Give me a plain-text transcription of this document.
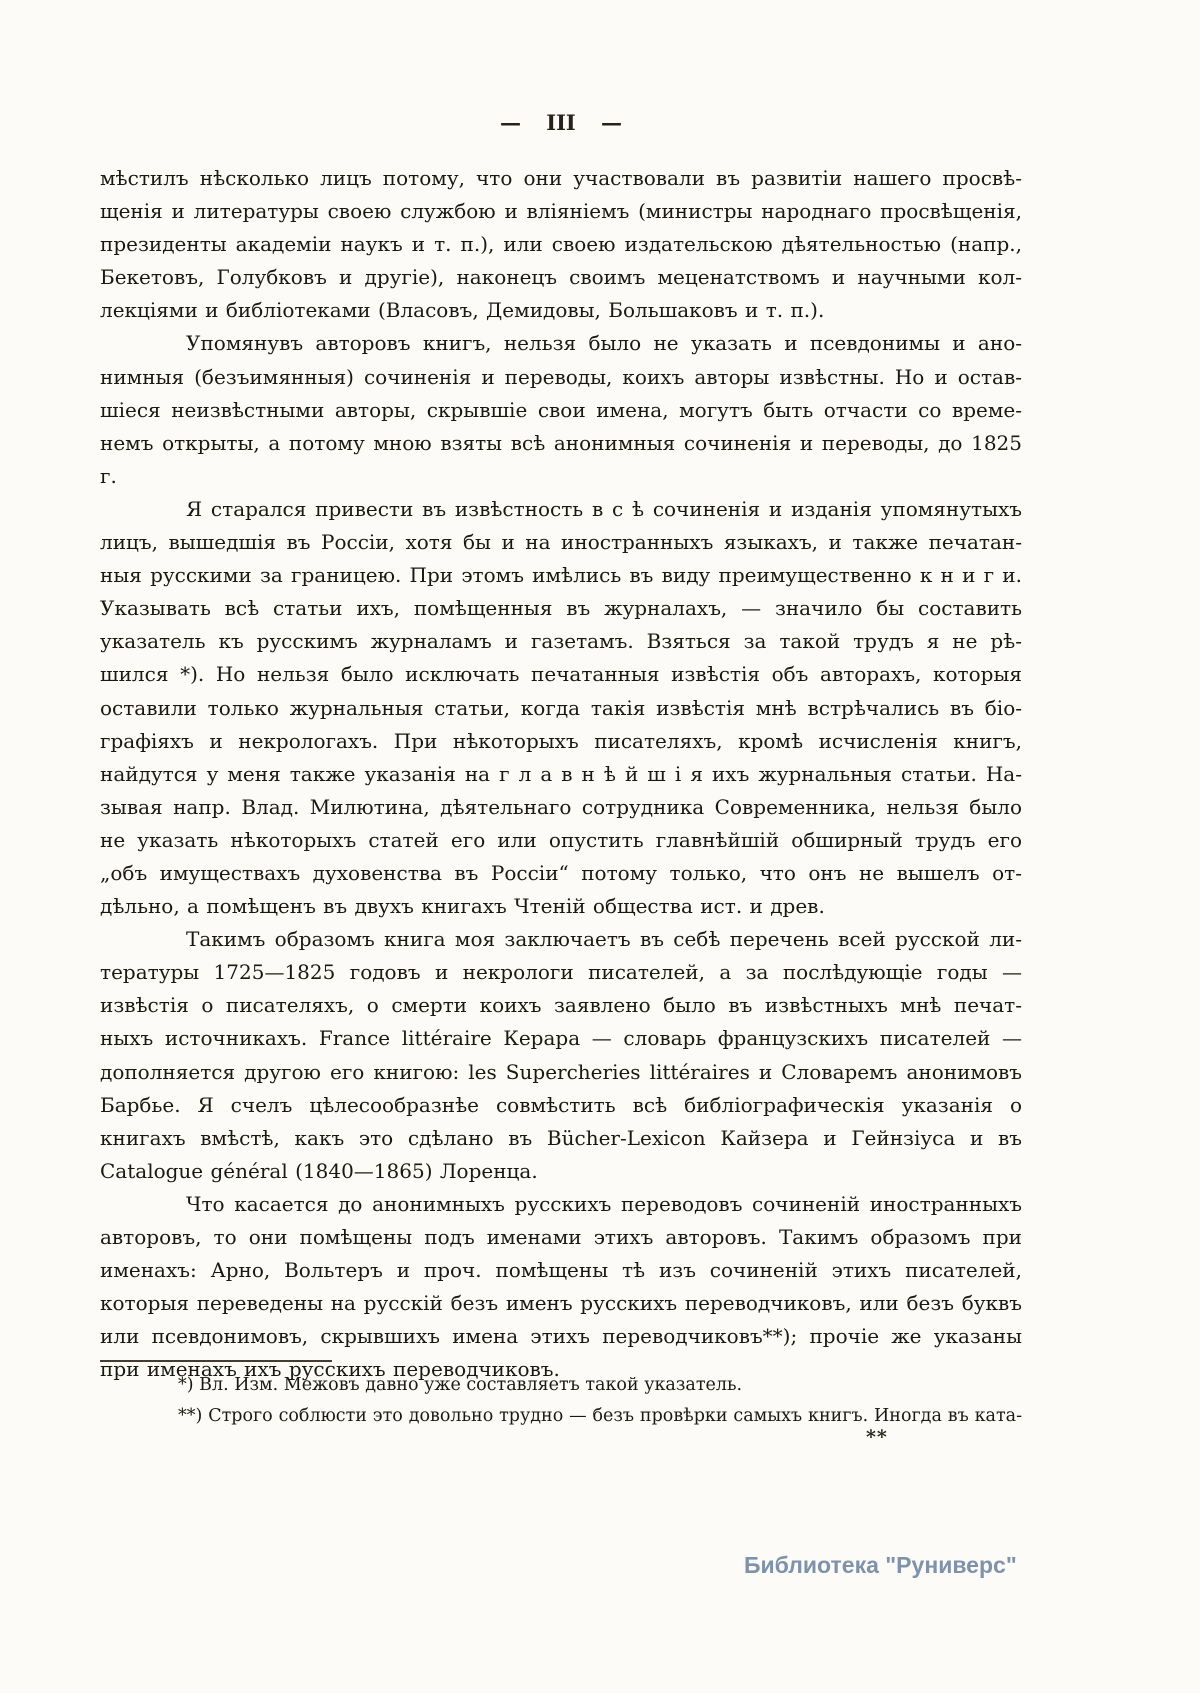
— III —
мѣстилъ нѣсколько лицъ потому, что они участвовали въ развитіи нашего просвѣ-
щенія и литературы своею службою и вліяніемъ (министры народнаго просвѣщенія,
президенты академіи наукъ и т. п.), или своею издательскою дѣятельностью (напр.,
Бекетовъ, Голубковъ и другіе), наконецъ своимъ меценатствомъ и научными кол-
лекціями и библіотеками (Власовъ, Демидовы, Большаковъ и т. п.).
Упомянувъ авторовъ книгъ, нельзя было не указать и псевдонимы и ано-
нимныя (безъимянныя) сочиненія и переводы, коихъ авторы извѣстны. Но и остав-
шіеся неизвѣстными авторы, скрывшіе свои имена, могутъ быть отчасти со време-
немъ открыты, а потому мною взяты всѣ анонимныя сочиненія и переводы, до 1825 г.
Я старался привести въ извѣстность в с ѣ сочиненія и изданія упомянутыхъ
лицъ, вышедшія въ Россіи, хотя бы и на иностранныхъ языкахъ, и также печатан-
ныя русскими за границею. При этомъ имѣлись въ виду преимущественно к н и г и.
Указывать всѣ статьи ихъ, помѣщенныя въ журналахъ, — значило бы составить
указатель къ русскимъ журналамъ и газетамъ. Взяться за такой трудъ я не рѣ-
шился *). Но нельзя было исключать печатанныя извѣстія объ авторахъ, которыя
оставили только журнальныя статьи, когда такія извѣстія мнѣ встрѣчались въ біо-
графіяхъ и некрологахъ. При нѣкоторыхъ писателяхъ, кромѣ исчисленія книгъ,
найдутся у меня также указанія на г л а в н ѣ й ш і я ихъ журнальныя статьи. На-
зывая напр. Влад. Милютина, дѣятельнаго сотрудника Современника, нельзя было
не указать нѣкоторыхъ статей его или опустить главнѣйшій обширный трудъ его
„объ имуществахъ духовенства въ Россіи“ потому только, что онъ не вышелъ от-
дѣльно, а помѣщенъ въ двухъ книгахъ Чтеній общества ист. и древ.
Такимъ образомъ книга моя заключаетъ въ себѣ перечень всей русской ли-
тературы 1725—1825 годовъ и некрологи писателей, а за послѣдующіе годы —
извѣстія о писателяхъ, о смерти коихъ заявлено было въ извѣстныхъ мнѣ печат-
ныхъ источникахъ. France littéraire Керара — словарь французскихъ писателей —
дополняется другою его книгою: les Supercheries littéraires и Словаремъ анонимовъ
Барбье. Я счелъ цѣлесообразнѣе совмѣстить всѣ библіографическія указанія о
книгахъ вмѣстѣ, какъ это сдѣлано въ Bücher-Lexicon Кайзера и Гейнзіуса и въ
Catalogue général (1840—1865) Лоренца.
Что касается до анонимныхъ русскихъ переводовъ сочиненій иностранныхъ
авторовъ, то они помѣщены подъ именами этихъ авторовъ. Такимъ образомъ при
именахъ: Арно, Вольтеръ и проч. помѣщены тѣ изъ сочиненій этихъ писателей,
которыя переведены на русскій безъ именъ русскихъ переводчиковъ, или безъ буквъ
или псевдонимовъ, скрывшихъ имена этихъ переводчиковъ**); прочіе же указаны
при именахъ ихъ русскихъ переводчиковъ.
*) Вл. Изм. Межовъ давно уже составляетъ такой указатель.
**) Строго соблюсти это довольно трудно — безъ провѣрки самыхъ книгъ. Иногда въ ката-
**
Библиотека "Руниверс"
